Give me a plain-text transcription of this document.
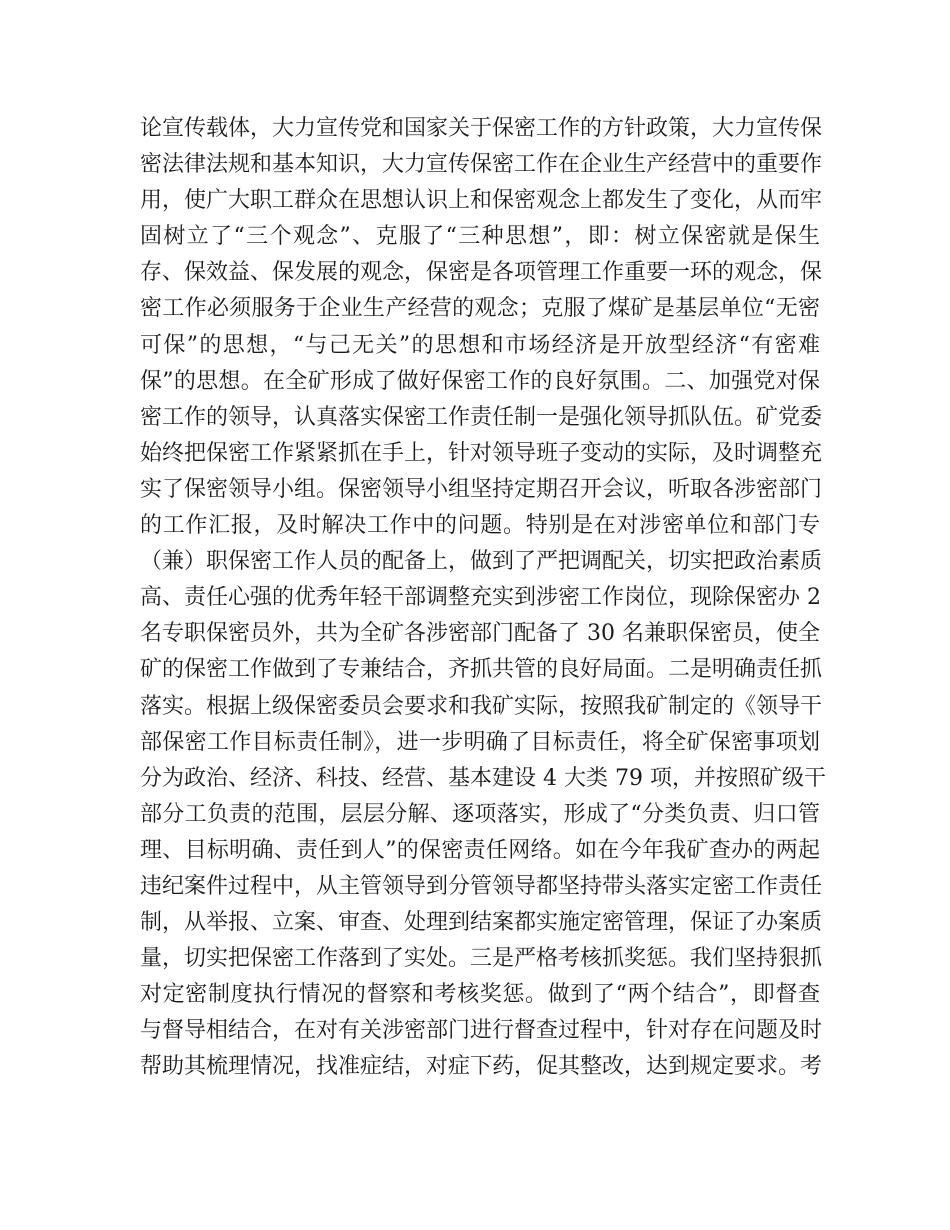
论宣传载体，大力宣传党和国家关于保密工作的方针政策，大力宣传保
密法律法规和基本知识，大力宣传保密工作在企业生产经营中的重要作
用，使广大职工群众在思想认识上和保密观念上都发生了变化，从而牢
固树立了“三个观念”、克服了“三种思想”，即：树立保密就是保生
存、保效益、保发展的观念，保密是各项管理工作重要一环的观念，保
密工作必须服务于企业生产经营的观念；克服了煤矿是基层单位“无密
可保”的思想，“与己无关”的思想和市场经济是开放型经济“有密难
保”的思想。在全矿形成了做好保密工作的良好氛围。二、加强党对保
密工作的领导，认真落实保密工作责任制一是强化领导抓队伍。矿党委
始终把保密工作紧紧抓在手上，针对领导班子变动的实际，及时调整充
实了保密领导小组。保密领导小组坚持定期召开会议，听取各涉密部门
的工作汇报，及时解决工作中的问题。特别是在对涉密单位和部门专
（兼）职保密工作人员的配备上，做到了严把调配关，切实把政治素质
高、责任心强的优秀年轻干部调整充实到涉密工作岗位，现除保密办 2
名专职保密员外，共为全矿各涉密部门配备了 30 名兼职保密员，使全
矿的保密工作做到了专兼结合，齐抓共管的良好局面。二是明确责任抓
落实。根据上级保密委员会要求和我矿实际，按照我矿制定的《领导干
部保密工作目标责任制》，进一步明确了目标责任，将全矿保密事项划
分为政治、经济、科技、经营、基本建设 4 大类 79 项，并按照矿级干
部分工负责的范围，层层分解、逐项落实，形成了“分类负责、归口管
理、目标明确、责任到人”的保密责任网络。如在今年我矿查办的两起
违纪案件过程中，从主管领导到分管领导都坚持带头落实定密工作责任
制，从举报、立案、审查、处理到结案都实施定密管理，保证了办案质
量，切实把保密工作落到了实处。三是严格考核抓奖惩。我们坚持狠抓
对定密制度执行情况的督察和考核奖惩。做到了“两个结合”，即督查
与督导相结合，在对有关涉密部门进行督查过程中，针对存在问题及时
帮助其梳理情况，找准症结，对症下药，促其整改，达到规定要求。考
